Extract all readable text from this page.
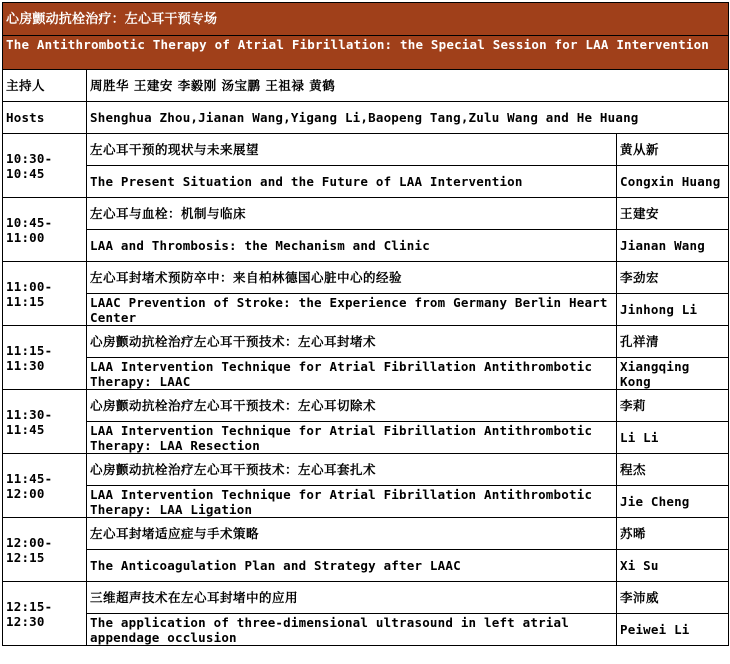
心房颤动抗栓治疗：左心耳干预专场		
The Antithrombotic Therapy of Atrial Fibrillation: the Special Session for LAA Intervention		
主持人	周胜华 王建安 李毅刚 汤宝鹏 王祖禄 黄鹤	
Hosts	Shenghua Zhou,Jianan Wang,Yigang Li,Baopeng Tang,Zulu Wang and He Huang	
10:30-10:45	左心耳干预的现状与未来展望	黄从新
	The Present Situation and the Future of LAA Intervention	Congxin Huang
10:45-11:00	左心耳与血栓：机制与临床	王建安
	LAA and Thrombosis: the Mechanism and Clinic	Jianan Wang
11:00-11:15	左心耳封堵术预防卒中：来自柏林德国心脏中心的经验	李劲宏
	LAAC Prevention of Stroke: the Experience from Germany Berlin Heart Center	Jinhong Li
11:15-11:30	心房颤动抗栓治疗左心耳干预技术：左心耳封堵术	孔祥清
	LAA Intervention Technique for Atrial Fibrillation Antithrombotic Therapy: LAAC	Xiangqing Kong
11:30-11:45	心房颤动抗栓治疗左心耳干预技术：左心耳切除术	李莉
	LAA Intervention Technique for Atrial Fibrillation Antithrombotic Therapy: LAA Resection	Li Li
11:45-12:00	心房颤动抗栓治疗左心耳干预技术：左心耳套扎术	程杰
	LAA Intervention Technique for Atrial Fibrillation Antithrombotic Therapy: LAA Ligation	Jie Cheng
12:00-12:15	左心耳封堵适应症与手术策略	苏晞
	The Anticoagulation Plan and Strategy after LAAC	Xi Su
12:15-12:30	三维超声技术在左心耳封堵中的应用	李沛威
	The application of three-dimensional ultrasound in left atrial appendage occlusion	Peiwei Li
